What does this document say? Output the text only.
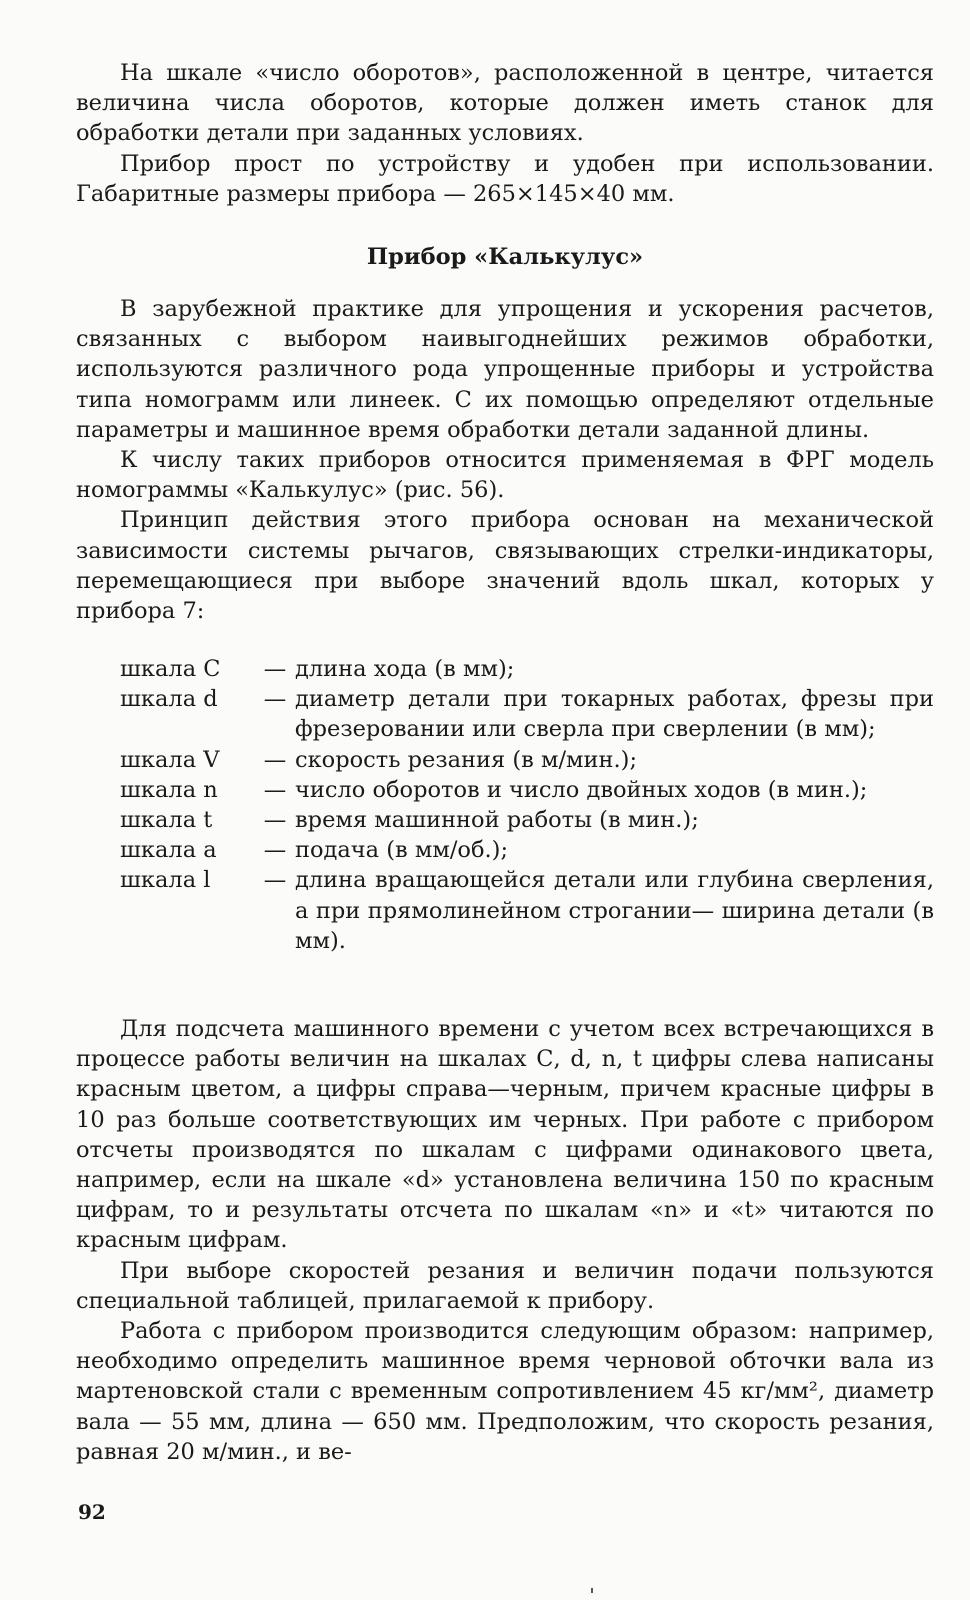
На шкале «число оборотов», расположенной в центре, читается величина числа оборотов, которые должен иметь станок для обработки детали при заданных условиях.

Прибор прост по устройству и удобен при использовании. Габаритные размеры прибора — 265×145×40 мм.

Прибор «Калькулус»

В зарубежной практике для упрощения и ускорения расчетов, связанных с выбором наивыгоднейших режимов обработки, используются различного рода упрощенные приборы и устройства типа номограмм или линеек. С их помощью определяют отдельные параметры и машинное время обработки детали заданной длины.

К числу таких приборов относится применяемая в ФРГ модель номограммы «Калькулус» (рис. 56).

Принцип действия этого прибора основан на механической зависимости системы рычагов, связывающих стрелки-индикаторы, перемещающиеся при выборе значений вдоль шкал, которых у прибора 7:

шкала С	— длина хода (в мм);
шкала d	— диаметр детали при токарных работах, фрезы при фрезеровании или сверла при сверлении (в мм);
шкала V	— скорость резания (в м/мин.);
шкала n	— число оборотов и число двойных ходов (в мин.);
шкала t	— время машинной работы (в мин.);
шкала a	— подача (в мм/об.);
шкала l	— длина вращающейся детали или глубина сверления, а при прямолинейном строгании— ширина детали (в мм).

Для подсчета машинного времени с учетом всех встречающихся в процессе работы величин на шкалах С, d, n, t цифры слева написаны красным цветом, а цифры справа—черным, причем красные цифры в 10 раз больше соответствующих им черных. При работе с прибором отсчеты производятся по шкалам с цифрами одинакового цвета, например, если на шкале «d» установлена величина 150 по красным цифрам, то и результаты отсчета по шкалам «n» и «t» читаются по красным цифрам.

При выборе скоростей резания и величин подачи пользуются специальной таблицей, прилагаемой к прибору.

Работа с прибором производится следующим образом: например, необходимо определить машинное время черновой обточки вала из мартеновской стали с временным сопротивлением 45 кг/мм², диаметр вала — 55 мм, длина — 650 мм. Предположим, что скорость резания, равная 20 м/мин., и ве-

92
